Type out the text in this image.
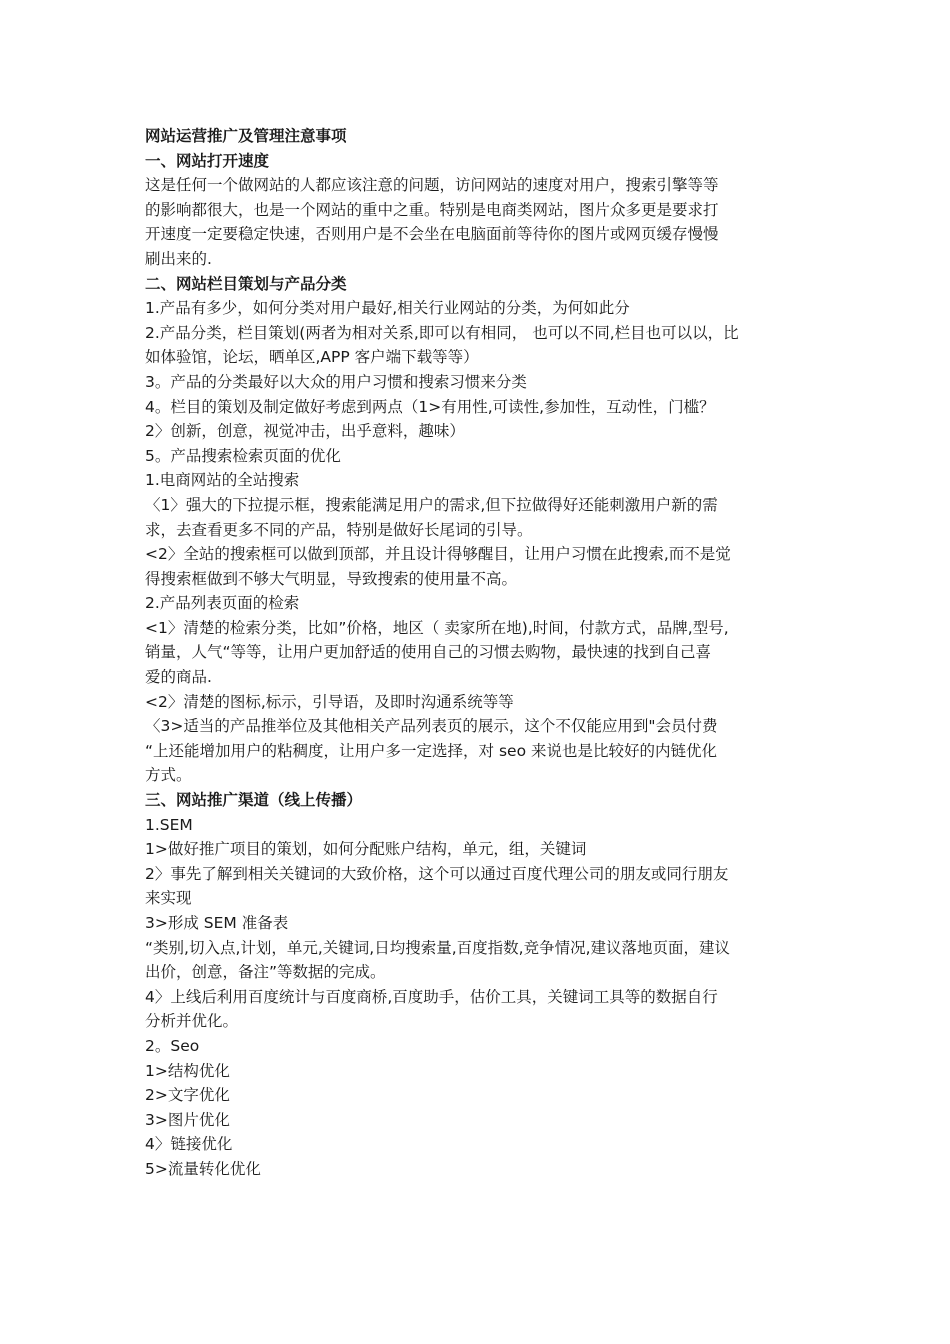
网站运营推广及管理注意事项
一、网站打开速度
这是任何一个做网站的人都应该注意的问题，访问网站的速度对用户，搜索引擎等等
的影响都很大，也是一个网站的重中之重。特别是电商类网站，图片众多更是要求打
开速度一定要稳定快速，否则用户是不会坐在电脑面前等待你的图片或网页缓存慢慢
刷出来的.
二、网站栏目策划与产品分类
1.产品有多少，如何分类对用户最好,相关行业网站的分类，为何如此分
2.产品分类，栏目策划(两者为相对关系,即可以有相同， 也可以不同,栏目也可以以，比
如体验馆，论坛，晒单区,APP 客户端下载等等）
3。产品的分类最好以大众的用户习惯和搜索习惯来分类
4。栏目的策划及制定做好考虑到两点（1>有用性,可读性,参加性，互动性，门槛？
2〉创新，创意，视觉冲击，出乎意料，趣味）
5。产品搜索检索页面的优化
1.电商网站的全站搜索
〈1〉强大的下拉提示框，搜索能满足用户的需求,但下拉做得好还能刺激用户新的需
求，去查看更多不同的产品，特别是做好长尾词的引导。
<2〉全站的搜索框可以做到顶部，并且设计得够醒目，让用户习惯在此搜索,而不是觉
得搜索框做到不够大气明显，导致搜索的使用量不高。
2.产品列表页面的检索
<1〉清楚的检索分类，比如”价格，地区（ 卖家所在地),时间，付款方式，品牌,型号,
销量，人气“等等，让用户更加舒适的使用自己的习惯去购物，最快速的找到自己喜
爱的商品.
<2〉清楚的图标,标示，引导语，及即时沟通系统等等
〈3>适当的产品推举位及其他相关产品列表页的展示，这个不仅能应用到"会员付费
“上还能增加用户的粘稠度，让用户多一定选择，对 seo 来说也是比较好的内链优化
方式。
三、网站推广渠道（线上传播）
1.SEM
1>做好推广项目的策划，如何分配账户结构，单元，组，关键词
2〉事先了解到相关关键词的大致价格，这个可以通过百度代理公司的朋友或同行朋友
来实现
3>形成 SEM 准备表
“类别,切入点,计划，单元,关键词,日均搜索量,百度指数,竞争情况,建议落地页面，建议
出价，创意，备注”等数据的完成。
4〉上线后利用百度统计与百度商桥,百度助手，估价工具，关键词工具等的数据自行
分析并优化。
2。Seo
1>结构优化
2>文字优化
3>图片优化
4〉链接优化
5>流量转化优化
